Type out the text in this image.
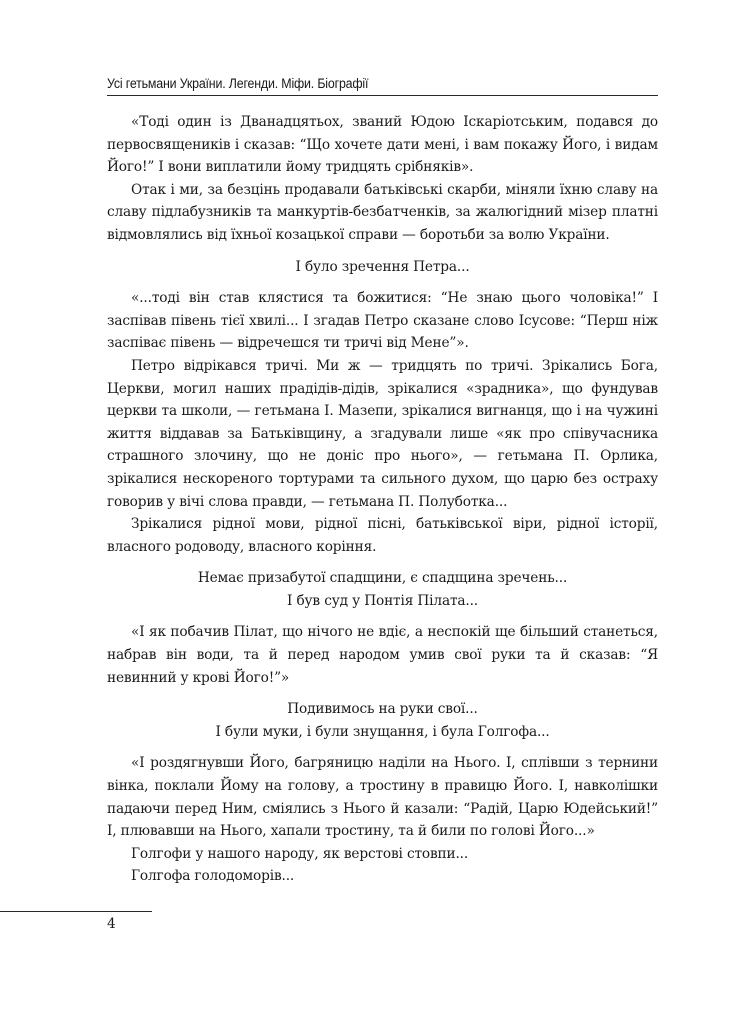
Усі гетьмани України. Легенди. Міфи. Біографії

«Тоді один із Дванадцятьох, званий Юдою Іскаріотським, подався до первосвящеників і сказав: “Що хочете дати мені, і вам покажу Його, і видам Його!” І вони виплатили йому тридцять срібняків».

Отак і ми, за безцінь продавали батьківські скарби, міняли їхню славу на славу підлабузників та манкуртів-безбатченків, за жалюгідний мізер платні відмовлялись від їхньої козацької справи — боротьби за волю України.

І було зречення Петра...

«...тоді він став клястися та божитися: “Не знаю цього чоловіка!” І заспівав півень тієї хвилі... І згадав Петро сказане слово Ісусове: “Перш ніж заспіває півень — відречешся ти тричі від Мене”».

Петро відрікався тричі. Ми ж — тридцять по тричі. Зрікались Бога, Церкви, могил наших прадідів-дідів, зрікалися «зрадника», що фундував церкви та школи, — гетьмана І. Мазепи, зрікалися вигнанця, що і на чужині життя віддавав за Батьківщину, а згадували лише «як про співучасника страшного злочину, що не доніс про нього», — гетьмана П. Орлика, зрікалися нескореного тортурами та сильного духом, що царю без остраху говорив у вічі слова правди, — гетьмана П. Полуботка...

Зрікалися рідної мови, рідної пісні, батьківської віри, рідної історії, власного родоводу, власного коріння.

Немає призабутої спадщини, є спадщина зречень...

І був суд у Понтія Пілата...

«І як побачив Пілат, що нічого не вдіє, а неспокій ще більший станеться, набрав він води, та й перед народом умив свої руки та й сказав: “Я невинний у крові Його!”»

Подивимось на руки свої...

І були муки, і були знущання, і була Голгофа...

«І роздягнувши Його, багряницю наділи на Нього. І, сплівши з тернини вінка, поклали Йому на голову, а тростину в правицю Його. І, навколішки падаючи перед Ним, сміялись з Нього й казали: “Радій, Царю Юдейський!” І, плювавши на Нього, хапали тростину, та й били по голові Його...»

Голгофи у нашого народу, як верстові стовпи...

Голгофа голодоморів...

4
